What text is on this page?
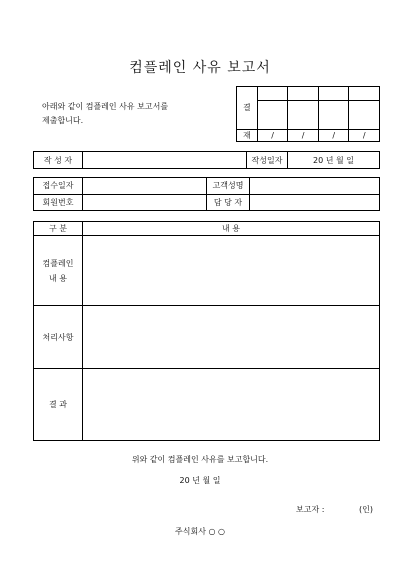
컴플레인 사유 보고서
아래와 같이 컴플레인 사유 보고서를
제출합니다.
결				

재	/	/	/	/
작 성 자		작성일자	20 년 월 일
접수일자		고객성명	
회원번호		담 당 자	
구 분	내 용

컴플레인
내 용	

처리사항	
결 과	
위와 같이 컴플레인 사유를 보고합니다.
20 년 월 일
보고자 :	(인)
주식회사 ○ ○
